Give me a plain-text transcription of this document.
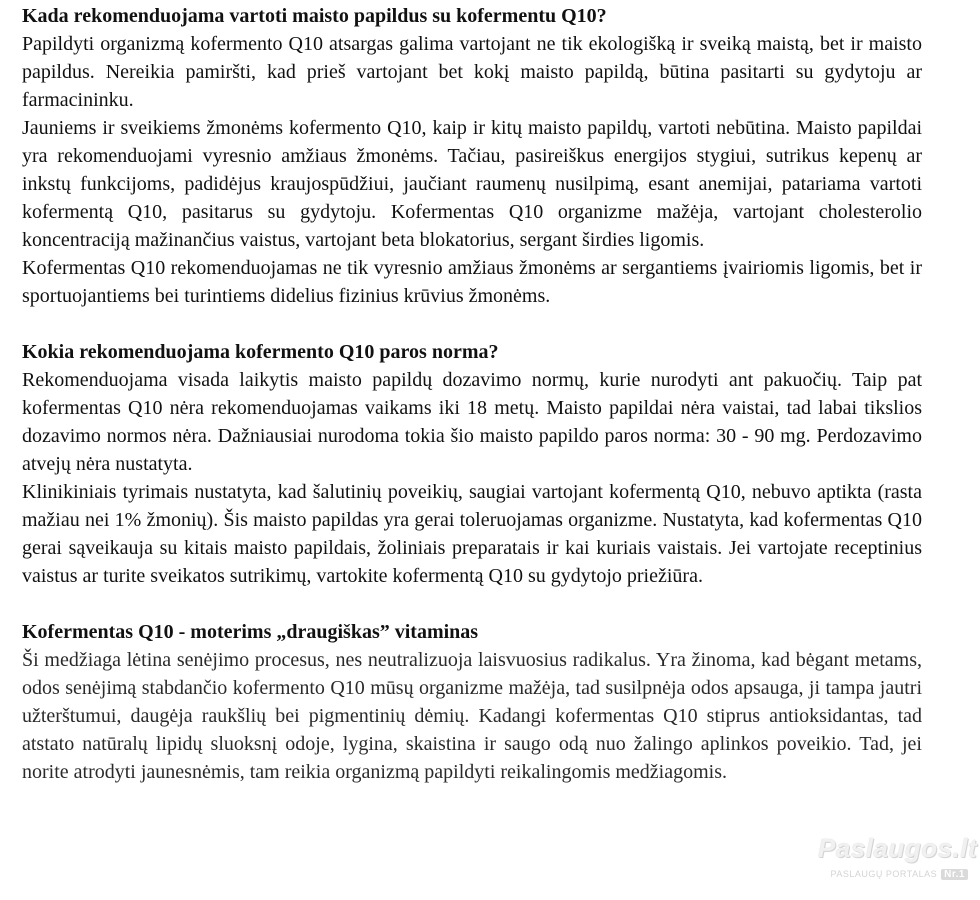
Kada rekomenduojama vartoti maisto papildus su kofermentu Q10?

Papildyti organizmą kofermento Q10 atsargas galima vartojant ne tik ekologišką ir sveiką maistą, bet ir maisto papildus. Nereikia pamiršti, kad prieš vartojant bet kokį maisto papildą, būtina pasitarti su gydytoju ar farmacininku.

Jauniems ir sveikiems žmonėms kofermento Q10, kaip ir kitų maisto papildų, vartoti nebūtina. Maisto papildai yra rekomenduojami vyresnio amžiaus žmonėms. Tačiau, pasireiškus energijos stygiui, sutrikus kepenų ar inkstų funkcijoms, padidėjus kraujospūdžiui, jaučiant raumenų nusilpimą, esant anemijai, patariama vartoti kofermentą Q10, pasitarus su gydytoju. Kofermentas Q10 organizme mažėja, vartojant cholesterolio koncentraciją mažinančius vaistus, vartojant beta blokatorius, sergant širdies ligomis.

Kofermentas Q10 rekomenduojamas ne tik vyresnio amžiaus žmonėms ar sergantiems įvairiomis ligomis, bet ir sportuojantiems bei turintiems didelius fizinius krūvius žmonėms.

Kokia rekomenduojama kofermento Q10 paros norma?

Rekomenduojama visada laikytis maisto papildų dozavimo normų, kurie nurodyti ant pakuočių. Taip pat kofermentas Q10 nėra rekomenduojamas vaikams iki 18 metų. Maisto papildai nėra vaistai, tad labai tikslios dozavimo normos nėra. Dažniausiai nurodoma tokia šio maisto papildo paros norma: 30 - 90 mg. Perdozavimo atvejų nėra nustatyta.

Klinikiniais tyrimais nustatyta, kad šalutinių poveikių, saugiai vartojant kofermentą Q10, nebuvo aptikta (rasta mažiau nei 1% žmonių). Šis maisto papildas yra gerai toleruojamas organizme. Nustatyta, kad kofermentas Q10 gerai sąveikauja su kitais maisto papildais, žoliniais preparatais ir kai kuriais vaistais. Jei vartojate receptinius vaistus ar turite sveikatos sutrikimų, vartokite kofermentą Q10 su gydytojo priežiūra.

Kofermentas Q10 - moterims „draugiškas” vitaminas

Ši medžiaga lėtina senėjimo procesus, nes neutralizuoja laisvuosius radikalus. Yra žinoma, kad bėgant metams, odos senėjimą stabdančio kofermento Q10 mūsų organizme mažėja, tad susilpnėja odos apsauga, ji tampa jautri užterštumui, daugėja raukšlių bei pigmentinių dėmių. Kadangi kofermentas Q10 stiprus antioksidantas, tad atstato natūralų lipidų sluoksnį odoje, lygina, skaistina ir saugo odą nuo žalingo aplinkos poveikio. Tad, jei norite atrodyti jaunesnėmis, tam reikia organizmą papildyti reikalingomis medžiagomis.

Paslaugos.lt
PASLAUGŲ PORTALAS Nr.1
